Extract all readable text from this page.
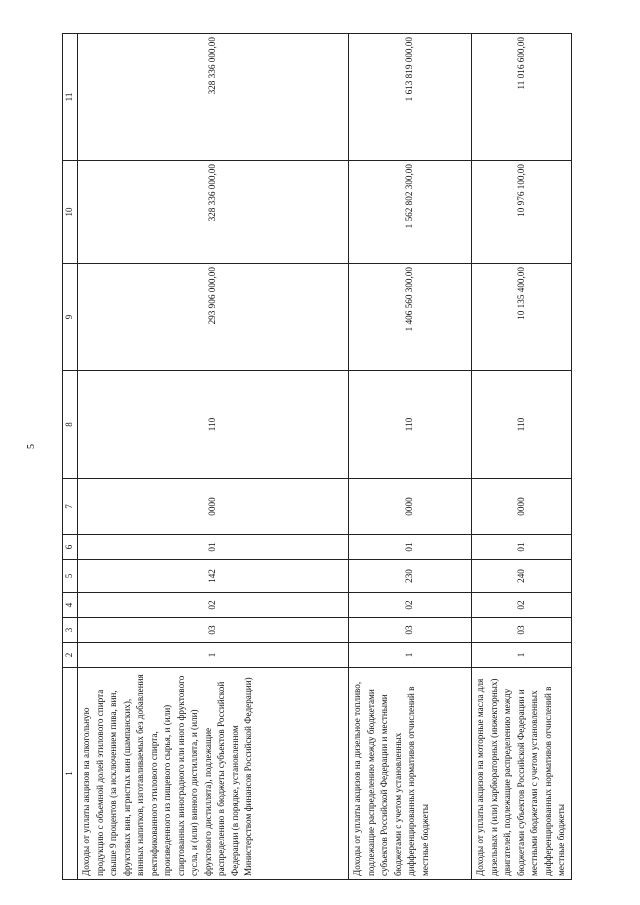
5
1	2	3	4	5	6	7	8	9	10	11
Доходы от уплаты акцизов на алкогольную продукцию с объемной долей этилового спирта свыше 9 процентов (за исключением пива, вин, фруктовых вин, игристых вин (шампанских), винных напитков, изготавливаемых без добавления ректификованного этилового спирта, произведенного из пищевого сырья, и (или) спиртованных виноградного или иного фруктового сусла, и (или) винного дистиллята, и (или) фруктового дистиллята), подлежащие распределению в бюджеты субъектов Российской Федерации (в порядке, установленном Министерством финансов Российской Федерации)	1	03	02	142	01	0000	110	293 906 000,00	328 336 000,00	328 336 000,00
Доходы от уплаты акцизов на дизельное топливо, подлежащие распределению между бюджетами субъектов Российской Федерации и местными бюджетами с учетом установленных дифференцированных нормативов отчислений в местные бюджеты	1	03	02	230	01	0000	110	1 406 560 300,00	1 562 802 300,00	1 613 819 000,00
Доходы от уплаты акцизов на моторные масла для дизельных и (или) карбюраторных (инжекторных) двигателей, подлежащие распределению между бюджетами субъектов Российской Федерации и местными бюджетами с учетом установленных дифференцированных нормативов отчислений в местные бюджеты	1	03	02	240	01	0000	110	10 135 400,00	10 976 100,00	11 016 600,00
